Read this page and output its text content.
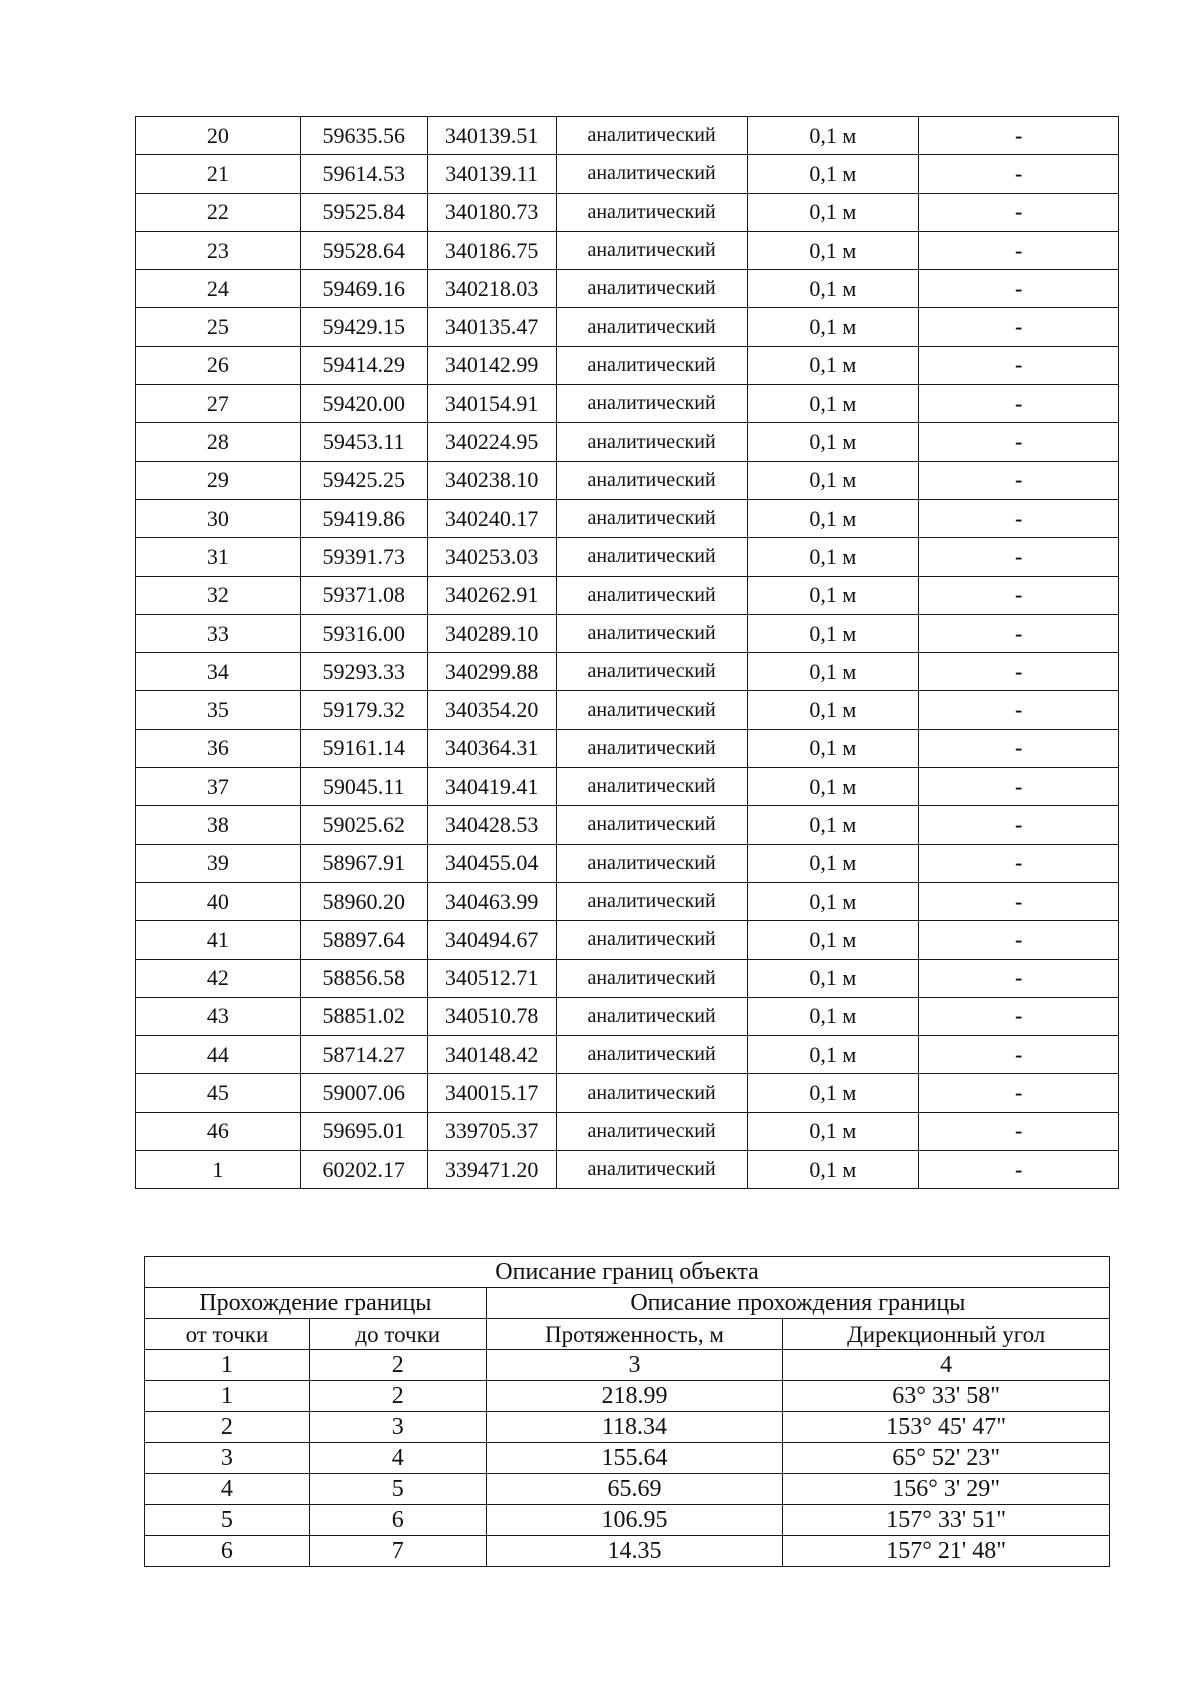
20	59635.56	340139.51	аналитический	0,1 м	-
21	59614.53	340139.11	аналитический	0,1 м	-
22	59525.84	340180.73	аналитический	0,1 м	-
23	59528.64	340186.75	аналитический	0,1 м	-
24	59469.16	340218.03	аналитический	0,1 м	-
25	59429.15	340135.47	аналитический	0,1 м	-
26	59414.29	340142.99	аналитический	0,1 м	-
27	59420.00	340154.91	аналитический	0,1 м	-
28	59453.11	340224.95	аналитический	0,1 м	-
29	59425.25	340238.10	аналитический	0,1 м	-
30	59419.86	340240.17	аналитический	0,1 м	-
31	59391.73	340253.03	аналитический	0,1 м	-
32	59371.08	340262.91	аналитический	0,1 м	-
33	59316.00	340289.10	аналитический	0,1 м	-
34	59293.33	340299.88	аналитический	0,1 м	-
35	59179.32	340354.20	аналитический	0,1 м	-
36	59161.14	340364.31	аналитический	0,1 м	-
37	59045.11	340419.41	аналитический	0,1 м	-
38	59025.62	340428.53	аналитический	0,1 м	-
39	58967.91	340455.04	аналитический	0,1 м	-
40	58960.20	340463.99	аналитический	0,1 м	-
41	58897.64	340494.67	аналитический	0,1 м	-
42	58856.58	340512.71	аналитический	0,1 м	-
43	58851.02	340510.78	аналитический	0,1 м	-
44	58714.27	340148.42	аналитический	0,1 м	-
45	59007.06	340015.17	аналитический	0,1 м	-
46	59695.01	339705.37	аналитический	0,1 м	-
1	60202.17	339471.20	аналитический	0,1 м	-
Описание границ объекта			
Прохождение границы		Описание прохождения границы	
от точки	до точки	Протяженность, м	Дирекционный угол
1	2	3	4
1	2	218.99	63° 33' 58"
2	3	118.34	153° 45' 47"
3	4	155.64	65° 52' 23"
4	5	65.69	156° 3' 29"
5	6	106.95	157° 33' 51"
6	7	14.35	157° 21' 48"
